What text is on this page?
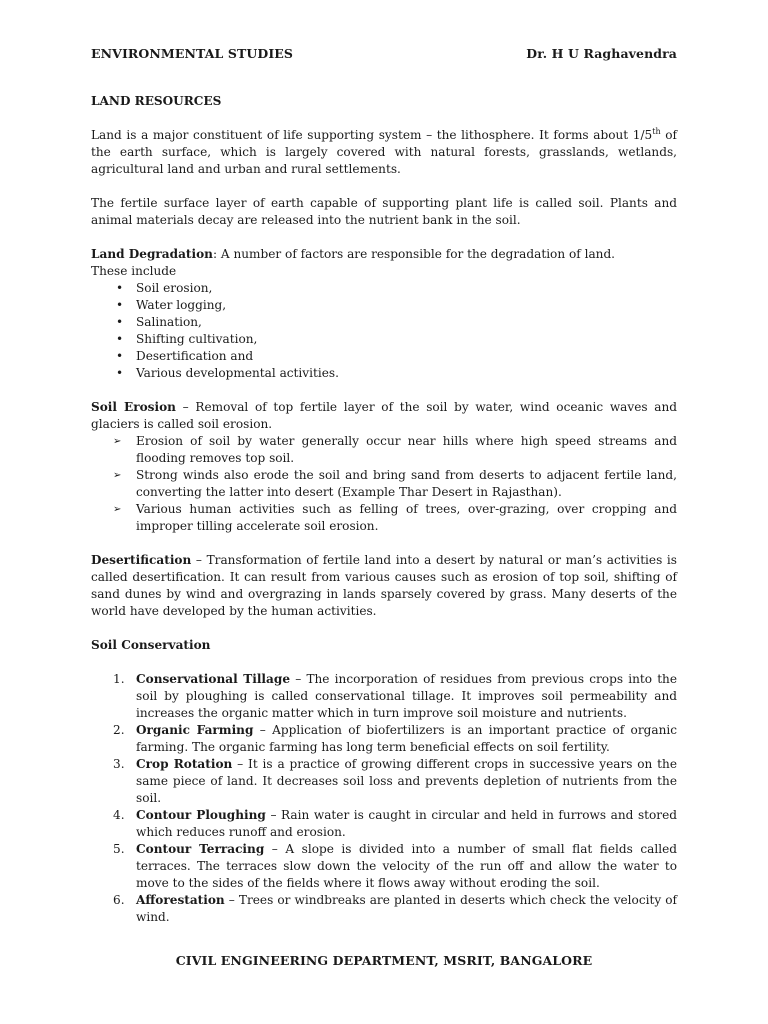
ENVIRONMENTAL STUDIES	Dr. H U Raghavendra

LAND RESOURCES

Land is a major constituent of life supporting system – the lithosphere. It forms about 1/5th of the earth surface, which is largely covered with natural forests, grasslands, wetlands, agricultural land and urban and rural settlements.

The fertile surface layer of earth capable of supporting plant life is called soil. Plants and animal materials decay are released into the nutrient bank in the soil.

Land Degradation: A number of factors are responsible for the degradation of land.

These include

• Soil erosion,
• Water logging,
• Salination,
• Shifting cultivation,
• Desertification and
• Various developmental activities.

Soil Erosion – Removal of top fertile layer of the soil by water, wind oceanic waves and glaciers is called soil erosion.

➢ Erosion of soil by water generally occur near hills where high speed streams and flooding removes top soil.
➢ Strong winds also erode the soil and bring sand from deserts to adjacent fertile land, converting the latter into desert (Example Thar Desert in Rajasthan).
➢ Various human activities such as felling of trees, over-grazing, over cropping and improper tilling accelerate soil erosion.

Desertification – Transformation of fertile land into a desert by natural or man’s activities is called desertification. It can result from various causes such as erosion of top soil, shifting of sand dunes by wind and overgrazing in lands sparsely covered by grass. Many deserts of the world have developed by the human activities.

Soil Conservation

1. Conservational Tillage – The incorporation of residues from previous crops into the soil by ploughing is called conservational tillage. It improves soil permeability and increases the organic matter which in turn improve soil moisture and nutrients.
2. Organic Farming – Application of biofertilizers is an important practice of organic farming. The organic farming has long term beneficial effects on soil fertility.
3. Crop Rotation – It is a practice of growing different crops in successive years on the same piece of land. It decreases soil loss and prevents depletion of nutrients from the soil.
4. Contour Ploughing – Rain water is caught in circular and held in furrows and stored which reduces runoff and erosion.
5. Contour Terracing – A slope is divided into a number of small flat fields called terraces. The terraces slow down the velocity of the run off and allow the water to move to the sides of the fields where it flows away without eroding the soil.
6. Afforestation – Trees or windbreaks are planted in deserts which check the velocity of wind.
CIVIL ENGINEERING DEPARTMENT, MSRIT, BANGALORE
